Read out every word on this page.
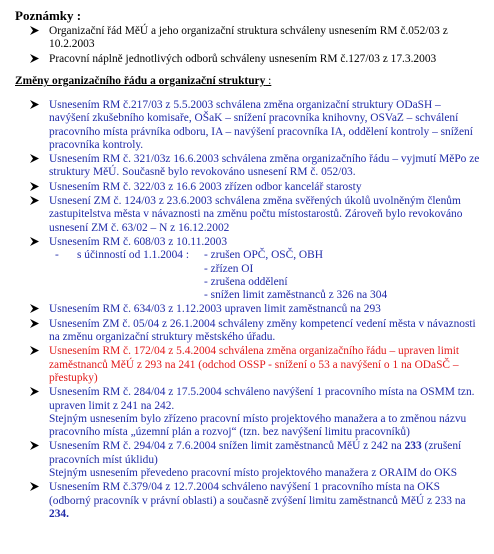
Poznámky :
Organizační řád MěÚ a jeho organizační struktura schváleny usnesením RM č.052/03 z 10.2.2003
Pracovní náplně jednotlivých odborů schváleny usnesením RM č.127/03 z 17.3.2003
Změny organizačního řádu a organizační struktury :
Usnesením RM č.217/03 z 5.5.2003 schválena změna organizační struktury ODaSH – navýšení zkušebního komisaře, OŠaK – snížení pracovníka knihovny, OSVaZ – schválení pracovního místa právníka odboru, IA – navýšení pracovníka IA, oddělení kontroly – snížení pracovníka kontroly.
Usnesením RM č. 321/03z 16.6.2003 schválena změna organizačního řádu – vyjmutí MěPo ze struktury MěÚ. Současně bylo revokováno usnesení RM č. 052/03.
Usnesením RM č. 322/03 z 16.6 2003 zřízen odbor kancelář starosty
Usnesení ZM č. 124/03 z 23.6.2003 schválena změna svěřených úkolů uvolněným členům zastupitelstva města v návaznosti na změnu počtu místostarostů. Zároveň bylo revokováno usnesení ZM č. 63/02 – N z 16.12.2002
Usnesením RM č. 608/03 z 10.11.2003
-	s účinností od 1.1.2004 :	- zrušen OPČ, OSČ, OBH
- zřízen OI
- zrušena oddělení
- snížen limit zaměstnanců z 326 na 304
Usnesením RM č. 634/03 z 1.12.2003 upraven limit zaměstnanců na 293
Usnesením ZM č. 05/04 z 26.1.2004 schváleny změny kompetencí vedení města v návaznosti na změnu organizační struktury městského úřadu.
Usnesením RM č. 172/04 z 5.4.2004 schválena změna organizačního řádu – upraven limit zaměstnanců MěÚ z 293 na 241 (odchod OSSP - snížení o 53 a navýšení o 1 na ODaSČ – přestupky)
Usnesením RM č. 284/04 z 17.5.2004 schváleno navýšení 1 pracovního místa na OSMM tzn. upraven limit z 241 na 242.
Stejným usnesením bylo zřízeno pracovní místo projektového manažera a to změnou názvu pracovního místa „územní plán a rozvoj“ (tzn. bez navýšení limitu pracovníků)
Usnesením RM č. 294/04 z 7.6.2004 snížen limit zaměstnanců MěÚ z 242 na 233 (zrušení pracovních míst úklidu)
Stejným usnesením převedeno pracovní místo projektového manažera z ORAIM do OKS
Usnesením RM č.379/04 z 12.7.2004 schváleno navýšení 1 pracovního místa na OKS (odborný pracovník v právní oblasti) a současně zvýšení limitu zaměstnanců MěÚ z 233 na 234.
